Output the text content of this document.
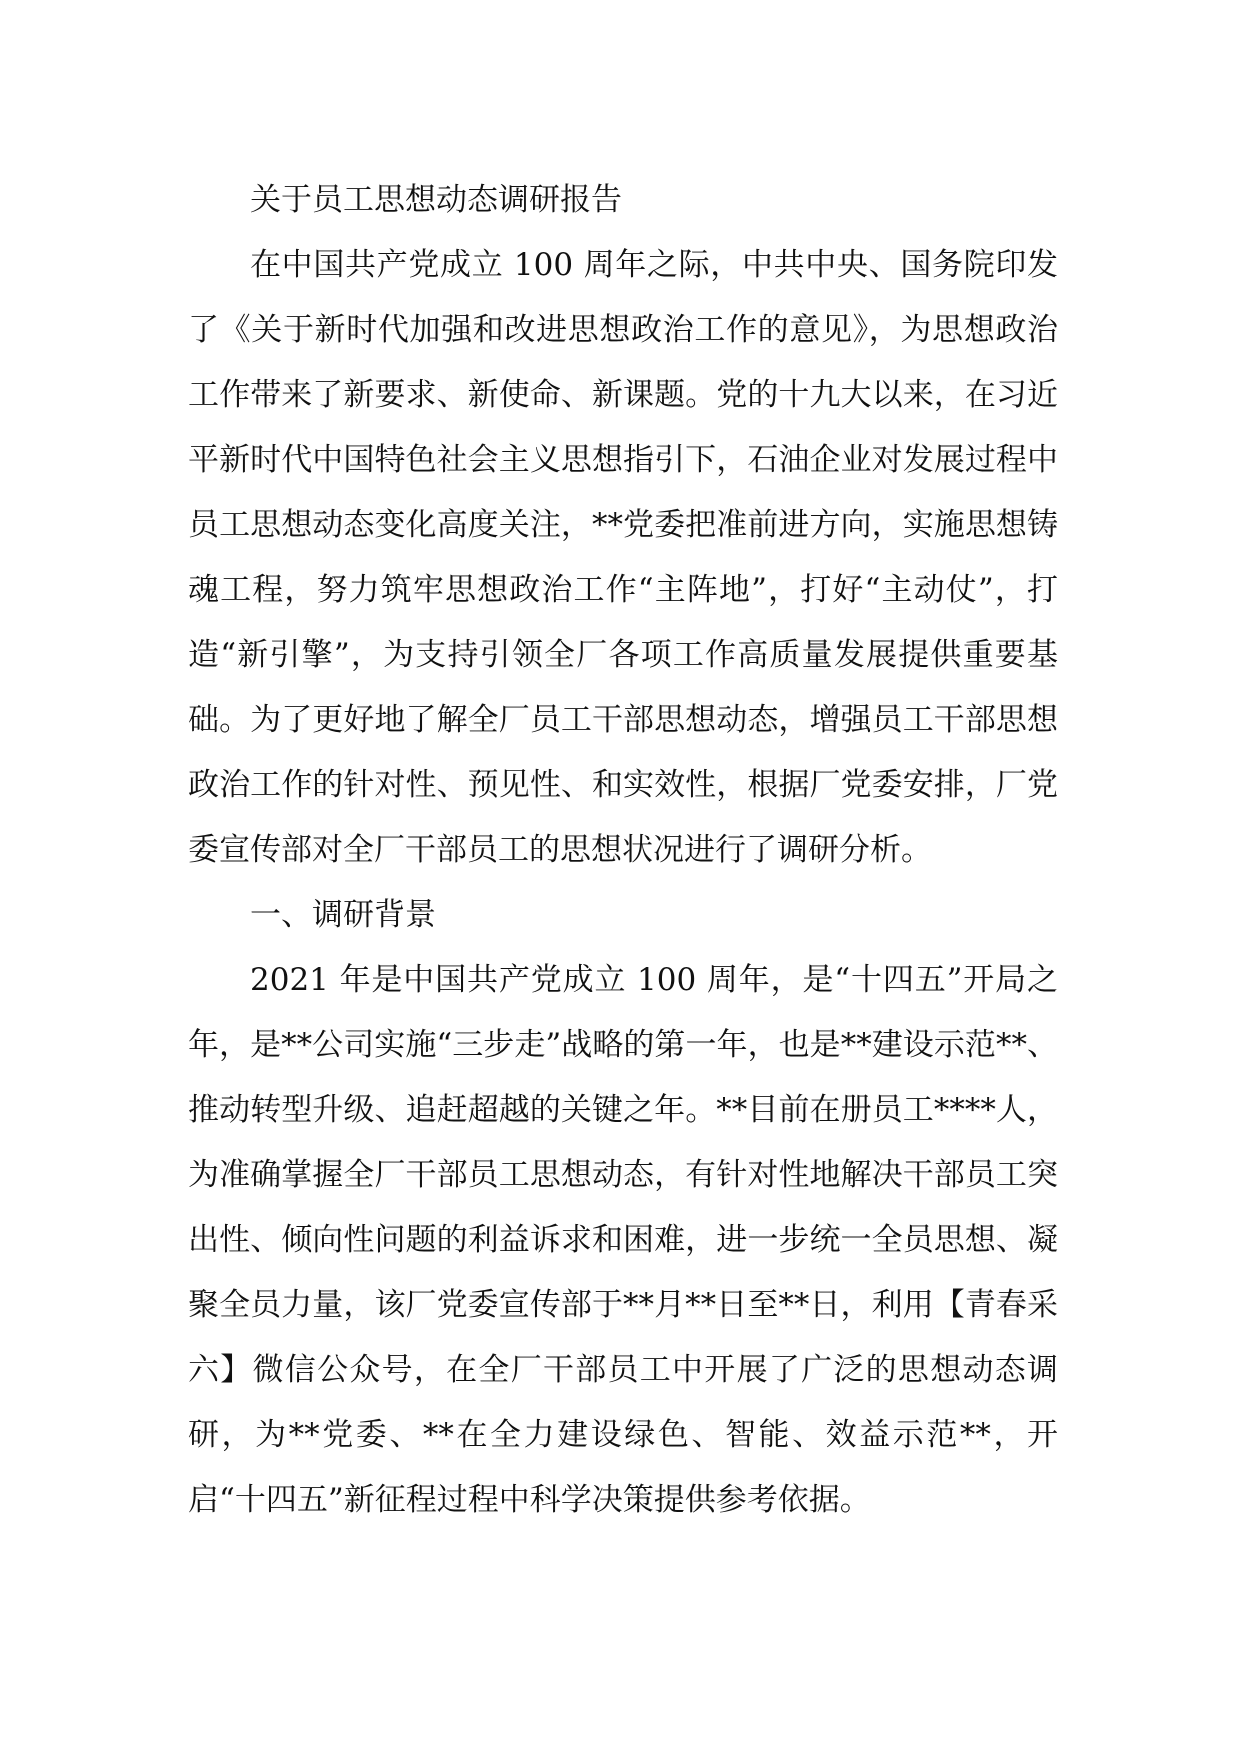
关于员工思想动态调研报告

在中国共产党成立 100 周年之际，中共中央、国务院印发了《关于新时代加强和改进思想政治工作的意见》，为思想政治工作带来了新要求、新使命、新课题。党的十九大以来，在习近平新时代中国特色社会主义思想指引下，石油企业对发展过程中员工思想动态变化高度关注，**党委把准前进方向，实施思想铸魂工程，努力筑牢思想政治工作“主阵地”，打好“主动仗”，打造“新引擎”，为支持引领全厂各项工作高质量发展提供重要基础。为了更好地了解全厂员工干部思想动态，增强员工干部思想政治工作的针对性、预见性、和实效性，根据厂党委安排，厂党委宣传部对全厂干部员工的思想状况进行了调研分析。

一、调研背景

2021 年是中国共产党成立 100 周年，是“十四五”开局之年，是**公司实施“三步走”战略的第一年，也是**建设示范**、推动转型升级、追赶超越的关键之年。**目前在册员工****人，为准确掌握全厂干部员工思想动态，有针对性地解决干部员工突出性、倾向性问题的利益诉求和困难，进一步统一全员思想、凝聚全员力量，该厂党委宣传部于**月**日至**日，利用【青春采六】微信公众号，在全厂干部员工中开展了广泛的思想动态调研，为**党委、**在全力建设绿色、智能、效益示范**，开启“十四五”新征程过程中科学决策提供参考依据。
